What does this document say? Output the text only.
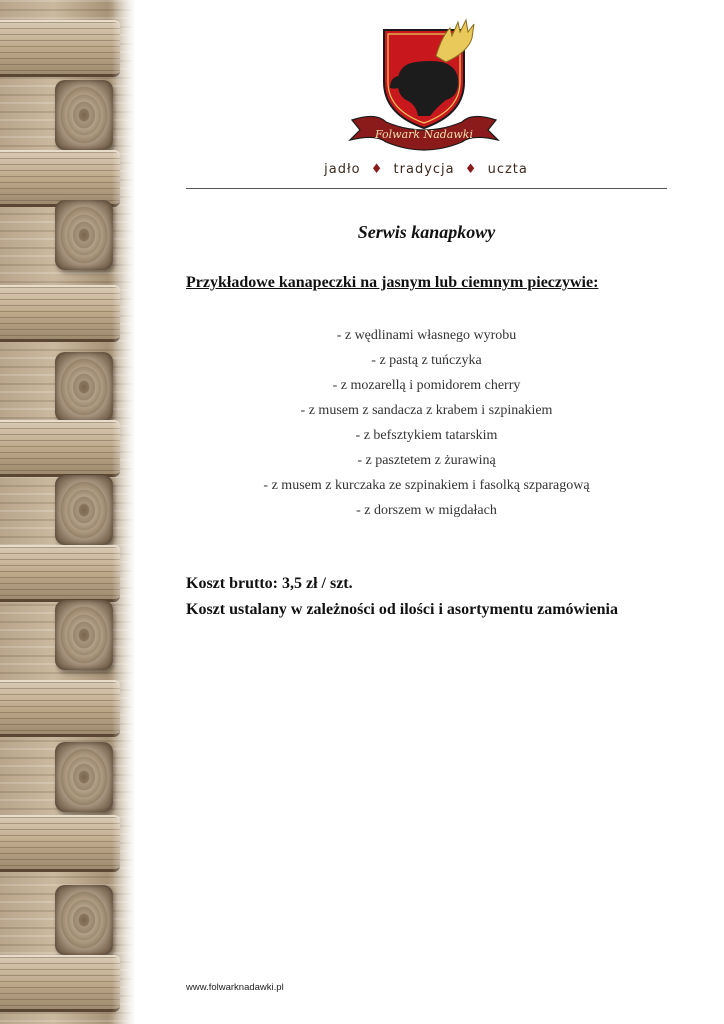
Folwark Nadawki
jadło ♦ tradycja ♦ uczta
Serwis kanapkowy
Przykładowe kanapeczki na jasnym lub ciemnym pieczywie:
- z wędlinami własnego wyrobu
- z pastą z tuńczyka
- z mozarellą i pomidorem cherry
- z musem z sandacza z krabem i szpinakiem
- z befsztykiem tatarskim
- z pasztetem z żurawiną
- z musem z kurczaka ze szpinakiem i fasolką szparagową
- z dorszem w migdałach
Koszt brutto: 3,5 zł / szt.
Koszt ustalany w zależności od ilości i asortymentu zamówienia
www.folwarknadawki.pl
